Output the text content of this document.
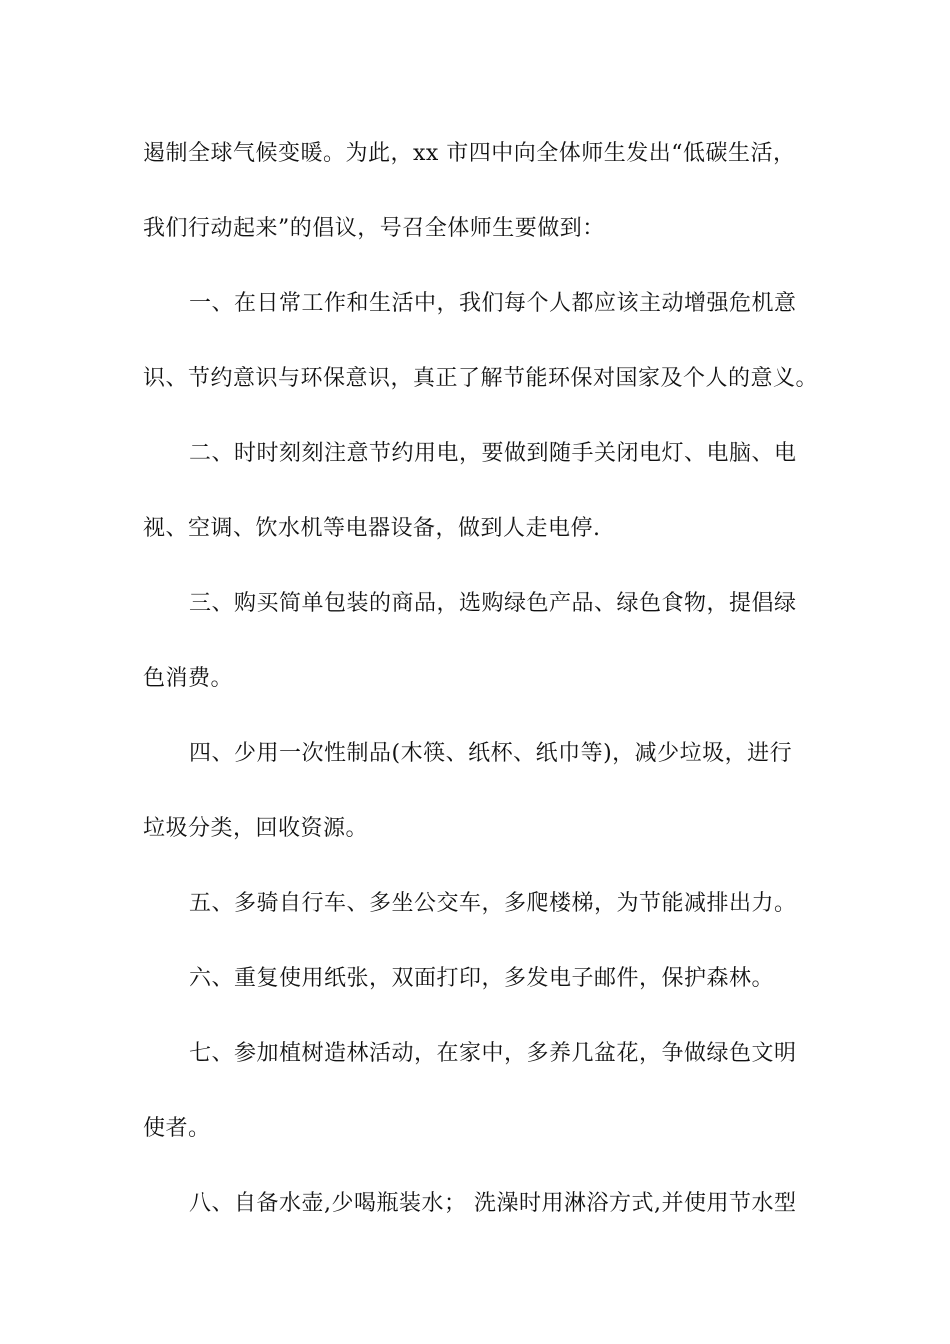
遏制全球气候变暖。为此，xx 市四中向全体师生发出“低碳生活，
我们行动起来”的倡议，号召全体师生要做到：
一、在日常工作和生活中，我们每个人都应该主动增强危机意
识、节约意识与环保意识，真正了解节能环保对国家及个人的意义。
二、时时刻刻注意节约用电，要做到随手关闭电灯、电脑、电
视、空调、饮水机等电器设备，做到人走电停.
三、购买简单包装的商品，选购绿色产品、绿色食物，提倡绿
色消费。
四、少用一次性制品(木筷、纸杯、纸巾等)，减少垃圾，进行
垃圾分类，回收资源。
五、多骑自行车、多坐公交车，多爬楼梯，为节能减排出力。
六、重复使用纸张，双面打印，多发电子邮件，保护森林。
七、参加植树造林活动，在家中，多养几盆花，争做绿色文明
使者。
八、自备水壶,少喝瓶装水； 洗澡时用淋浴方式,并使用节水型
